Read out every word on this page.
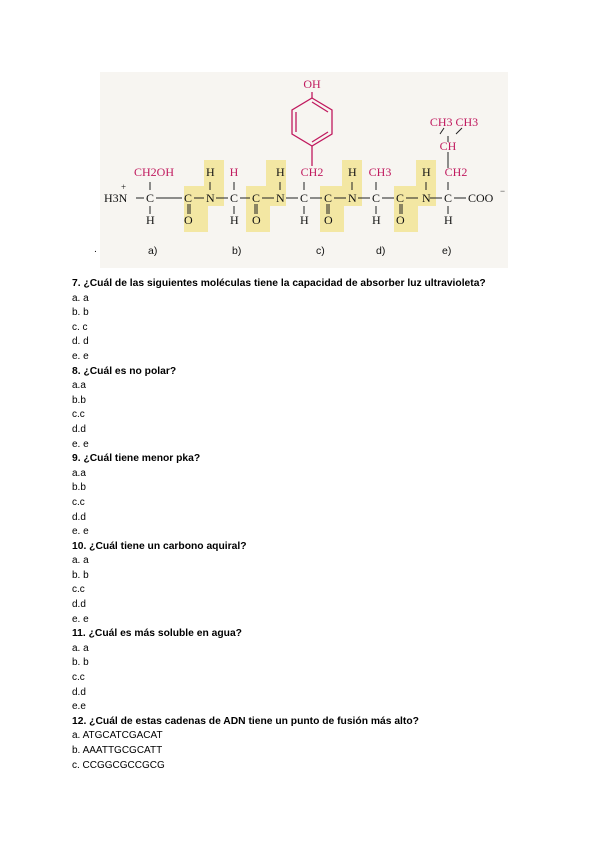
OH
CH3 CH3
CH
CH2OH	H	CH2	CH3	CH2
H3N
+
C
H
C
O
H
N C
H
C
O
H
N C
H
C
O
H
N C
H
C
O
H
N C
H
COO −
.	a)	b)	c)	d)	e)
7. ¿Cuál de las siguientes moléculas tiene la capacidad de absorber luz ultravioleta?
a. a
b. b
c. c
d. d
e. e
8. ¿Cuál es no polar?
a.a
b.b
c.c
d.d
e. e
9. ¿Cuál tiene menor pka?
a.a
b.b
c.c
d.d
e. e
10. ¿Cuál tiene un carbono aquiral?
a. a
b. b
c.c
d.d
e. e
11. ¿Cuál es más soluble en agua?
a. a
b. b
c.c
d.d
e.e
12. ¿Cuál de estas cadenas de ADN tiene un punto de fusión más alto?
a. ATGCATCGACAT
b. AAATTGCGCATT
c. CCGGCGCCGCG
